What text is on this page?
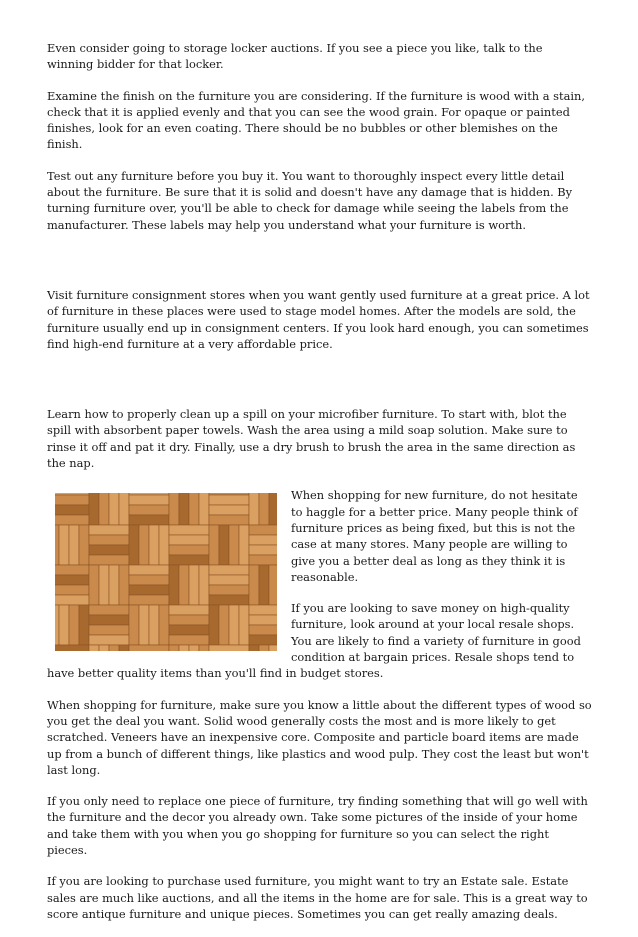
Even consider going to storage locker auctions. If you see a piece you like, talk to the winning bidder for that locker.

Examine the finish on the furniture you are considering. If the furniture is wood with a stain, check that it is applied evenly and that you can see the wood grain. For opaque or painted finishes, look for an even coating. There should be no bubbles or other blemishes on the finish.

Test out any furniture before you buy it. You want to thoroughly inspect every little detail about the furniture. Be sure that it is solid and doesn't have any damage that is hidden. By turning furniture over, you'll be able to check for damage while seeing the labels from the manufacturer. These labels may help you understand what your furniture is worth.

Visit furniture consignment stores when you want gently used furniture at a great price. A lot of furniture in these places were used to stage model homes. After the models are sold, the furniture usually end up in consignment centers. If you look hard enough, you can sometimes find high-end furniture at a very affordable price.

Learn how to properly clean up a spill on your microfiber furniture. To start with, blot the spill with absorbent paper towels. Wash the area using a mild soap solution. Make sure to rinse it off and pat it dry. Finally, use a dry brush to brush the area in the same direction as the nap.

When shopping for new furniture, do not hesitate to haggle for a better price. Many people think of furniture prices as being fixed, but this is not the case at many stores. Many people are willing to give you a better deal as long as they think it is reasonable.

If you are looking to save money on high-quality furniture, look around at your local resale shops. You are likely to find a variety of furniture in good condition at bargain prices. Resale shops tend to have better quality items than you'll find in budget stores.

When shopping for furniture, make sure you know a little about the different types of wood so you get the deal you want. Solid wood generally costs the most and is more likely to get scratched. Veneers have an inexpensive core. Composite and particle board items are made up from a bunch of different things, like plastics and wood pulp. They cost the least but won't last long.

If you only need to replace one piece of furniture, try finding something that will go well with the furniture and the decor you already own. Take some pictures of the inside of your home and take them with you when you go shopping for furniture so you can select the right pieces.

If you are looking to purchase used furniture, you might want to try an Estate sale. Estate sales are much like auctions, and all the items in the home are for sale. This is a great way to score antique furniture and unique pieces. Sometimes you can get really amazing deals.
